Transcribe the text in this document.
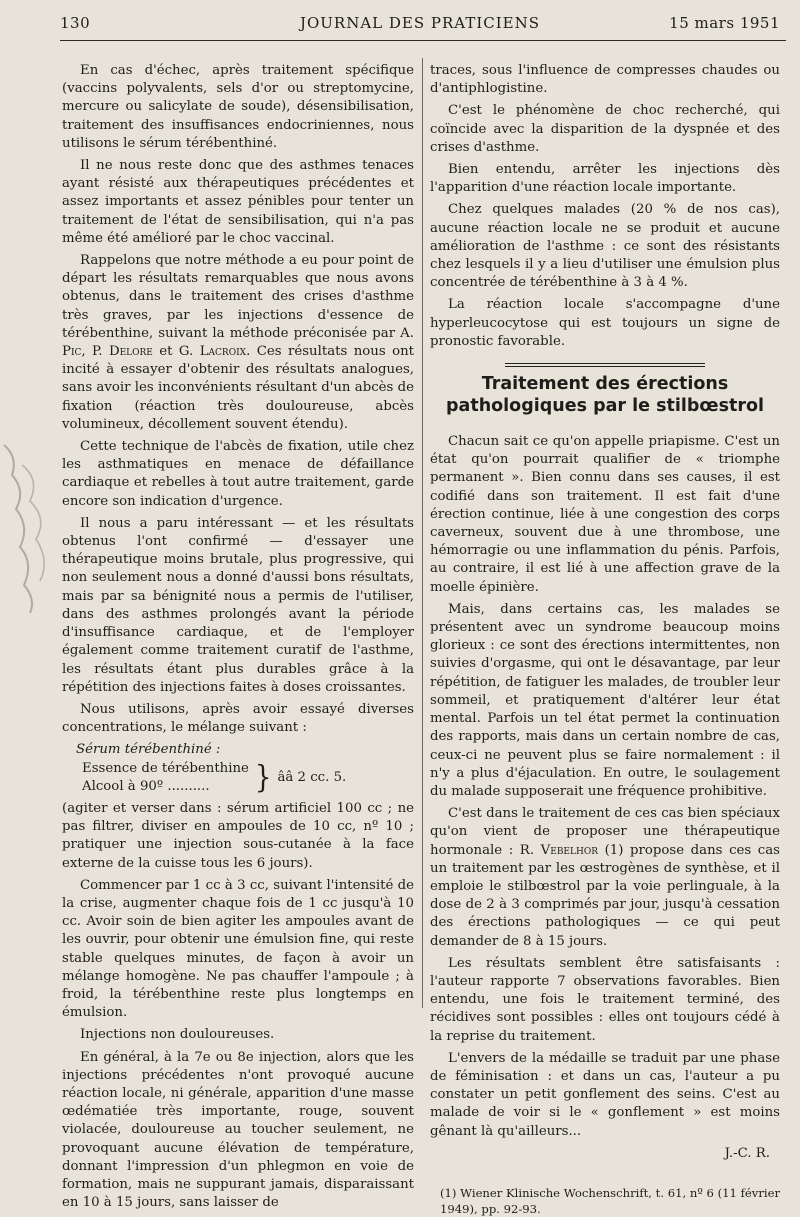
130	JOURNAL DES PRATICIENS	15 mars 1951

En cas d'échec, après traitement spécifique (vaccins polyvalents, sels d'or ou streptomycine, mercure ou salicylate de soude), désensibilisation, traitement des insuffisances endocriniennes, nous utilisons le sérum térébenthiné.

Il ne nous reste donc que des asthmes tenaces ayant résisté aux thérapeutiques précédentes et assez importants et assez pénibles pour tenter un traitement de l'état de sensibilisation, qui n'a pas même été amélioré par le choc vaccinal.

Rappelons que notre méthode a eu pour point de départ les résultats remarquables que nous avons obtenus, dans le traitement des crises d'asthme très graves, par les injections d'essence de térébenthine, suivant la méthode préconisée par A. Pic, P. Delore et G. Lacroix. Ces résultats nous ont incité à essayer d'obtenir des résultats analogues, sans avoir les inconvénients résultant d'un abcès de fixation (réaction très douloureuse, abcès volumineux, décollement souvent étendu).

Cette technique de l'abcès de fixation, utile chez les asthmatiques en menace de défaillance cardiaque et rebelles à tout autre traitement, garde encore son indication d'urgence.

Il nous a paru intéressant — et les résultats obtenus l'ont confirmé — d'essayer une thérapeutique moins brutale, plus progressive, qui non seulement nous a donné d'aussi bons résultats, mais par sa bénignité nous a permis de l'utiliser, dans des asthmes prolongés avant la période d'insuffisance cardiaque, et de l'employer également comme traitement curatif de l'asthme, les résultats étant plus durables grâce à la répétition des injections faites à doses croissantes.

Nous utilisons, après avoir essayé diverses concentrations, le mélange suivant :

Sérum térébenthiné :
Essence de térébenthine
Alcool à 90º ..........	} ââ 2 cc. 5.

(agiter et verser dans : sérum artificiel 100 cc ; ne pas filtrer, diviser en ampoules de 10 cc, nº 10 ; pratiquer une injection sous-cutanée à la face externe de la cuisse tous les 6 jours).

Commencer par 1 cc à 3 cc, suivant l'intensité de la crise, augmenter chaque fois de 1 cc jusqu'à 10 cc. Avoir soin de bien agiter les ampoules avant de les ouvrir, pour obtenir une émulsion fine, qui reste stable quelques minutes, de façon à avoir un mélange homogène. Ne pas chauffer l'ampoule ; à froid, la térébenthine reste plus longtemps en émulsion.

Injections non douloureuses.

En général, à la 7e ou 8e injection, alors que les injections précédentes n'ont provoqué aucune réaction locale, ni générale, apparition d'une masse œdématiée très importante, rouge, souvent violacée, douloureuse au toucher seulement, ne provoquant aucune élévation de température, donnant l'impression d'un phlegmon en voie de formation, mais ne suppurant jamais, disparaissant en 10 à 15 jours, sans laisser de

traces, sous l'influence de compresses chaudes ou d'antiphlogistine.

C'est le phénomène de choc recherché, qui coïncide avec la disparition de la dyspnée et des crises d'asthme.

Bien entendu, arrêter les injections dès l'apparition d'une réaction locale importante.

Chez quelques malades (20 % de nos cas), aucune réaction locale ne se produit et aucune amélioration de l'asthme : ce sont des résistants chez lesquels il y a lieu d'utiliser une émulsion plus concentrée de térébenthine à 3 à 4 %.

La réaction locale s'accompagne d'une hyperleucocytose qui est toujours un signe de pronostic favorable.

Traitement des érections pathologiques par le stilbœstrol

Chacun sait ce qu'on appelle priapisme. C'est un état qu'on pourrait qualifier de « triomphe permanent ». Bien connu dans ses causes, il est codifié dans son traitement. Il est fait d'une érection continue, liée à une congestion des corps caverneux, souvent due à une thrombose, une hémorragie ou une inflammation du pénis. Parfois, au contraire, il est lié à une affection grave de la moelle épinière.

Mais, dans certains cas, les malades se présentent avec un syndrome beaucoup moins glorieux : ce sont des érections intermittentes, non suivies d'orgasme, qui ont le désavantage, par leur répétition, de fatiguer les malades, de troubler leur sommeil, et pratiquement d'altérer leur état mental. Parfois un tel état permet la continuation des rapports, mais dans un certain nombre de cas, ceux-ci ne peuvent plus se faire normalement : il n'y a plus d'éjaculation. En outre, le soulagement du malade supposerait une fréquence prohibitive.

C'est dans le traitement de ces cas bien spéciaux qu'on vient de proposer une thérapeutique hormonale : R. Vebelhor (1) propose dans ces cas un traitement par les œstrogènes de synthèse, et il emploie le stilbœstrol par la voie perlinguale, à la dose de 2 à 3 comprimés par jour, jusqu'à cessation des érections pathologiques — ce qui peut demander de 8 à 15 jours.

Les résultats semblent être satisfaisants : l'auteur rapporte 7 observations favorables. Bien entendu, une fois le traitement terminé, des récidives sont possibles : elles ont toujours cédé à la reprise du traitement.

L'envers de la médaille se traduit par une phase de féminisation : et dans un cas, l'auteur a pu constater un petit gonflement des seins. C'est au malade de voir si le « gonflement » est moins gênant là qu'ailleurs...

J.-C. R.
(1) Wiener Klinische Wochenschrift, t. 61, nº 6 (11 février 1949), pp. 92-93.
